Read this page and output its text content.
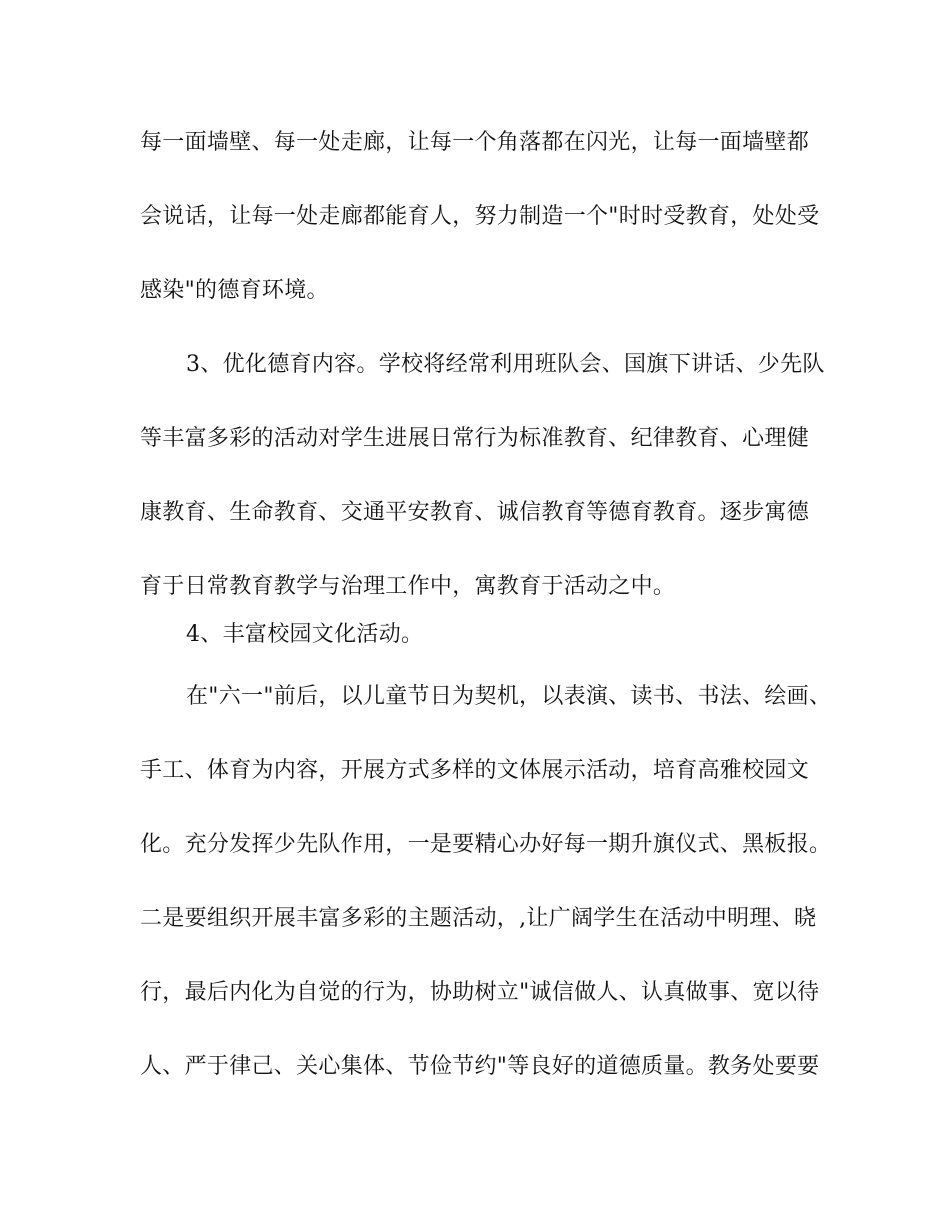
每一面墙壁、每一处走廊，让每一个角落都在闪光，让每一面墙壁都
会说话，让每一处走廊都能育人，努力制造一个"时时受教育，处处受
感染"的德育环境。
3、优化德育内容。学校将经常利用班队会、国旗下讲话、少先队
等丰富多彩的活动对学生进展日常行为标准教育、纪律教育、心理健
康教育、生命教育、交通平安教育、诚信教育等德育教育。逐步寓德
育于日常教育教学与治理工作中，寓教育于活动之中。
4、丰富校园文化活动。
在"六一"前后，以儿童节日为契机，以表演、读书、书法、绘画、
手工、体育为内容，开展方式多样的文体展示活动，培育高雅校园文
化。充分发挥少先队作用，一是要精心办好每一期升旗仪式、黑板报。
二是要组织开展丰富多彩的主题活动，,让广阔学生在活动中明理、晓
行，最后内化为自觉的行为，协助树立"诚信做人、认真做事、宽以待
人、严于律己、关心集体、节俭节约"等良好的道德质量。教务处要要
